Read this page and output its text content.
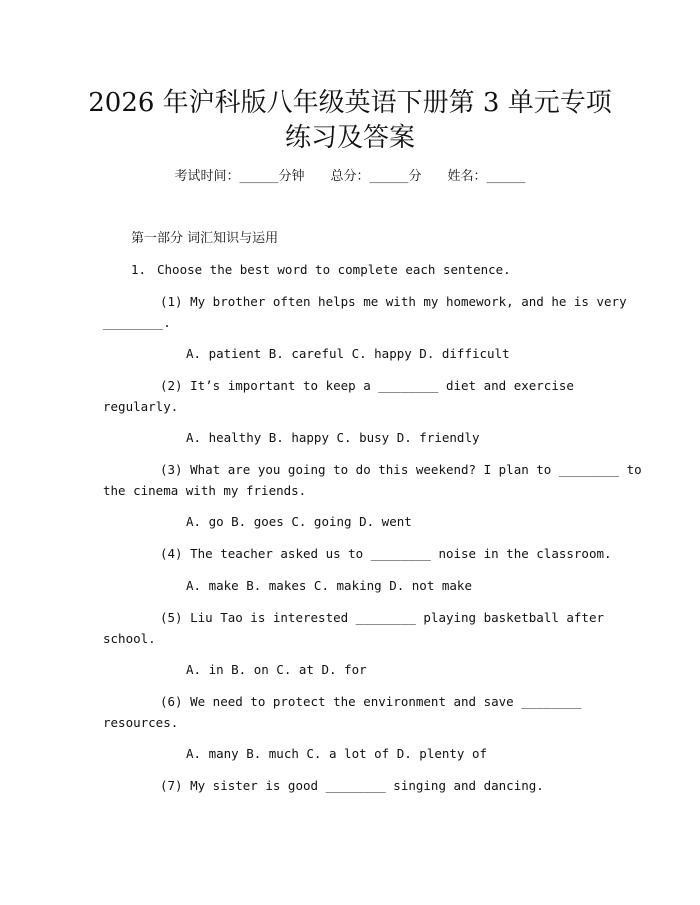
2026 年沪科版八年级英语下册第 3 单元专项
练习及答案
考试时间：______分钟 总分：______分 姓名：______
第一部分 词汇知识与运用
1. Choose the best word to complete each sentence.
(1) My brother often helps me with my homework, and he is very
________.
A. patient B. careful C. happy D. difficult
(2) It’s important to keep a ________ diet and exercise
regularly.
A. healthy B. happy C. busy D. friendly
(3) What are you going to do this weekend? I plan to ________ to
the cinema with my friends.
A. go B. goes C. going D. went
(4) The teacher asked us to ________ noise in the classroom.
A. make B. makes C. making D. not make
(5) Liu Tao is interested ________ playing basketball after
school.
A. in B. on C. at D. for
(6) We need to protect the environment and save ________
resources.
A. many B. much C. a lot of D. plenty of
(7) My sister is good ________ singing and dancing.
